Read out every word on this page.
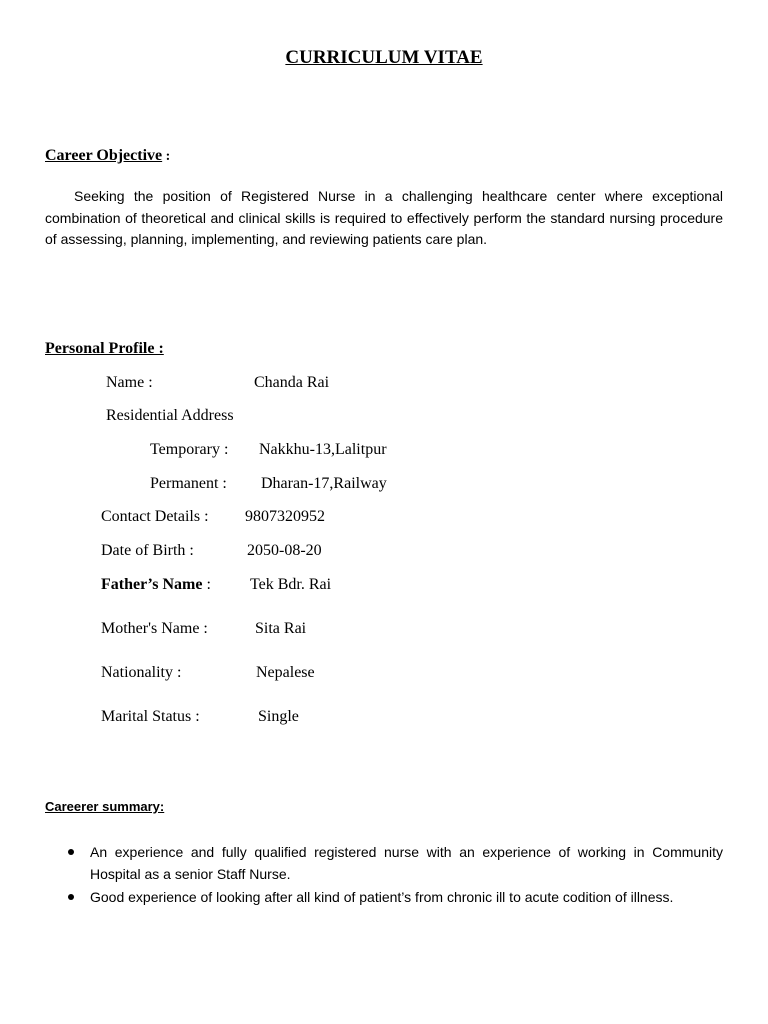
CURRICULUM VITAE
Career Objective :

Seeking the position of Registered Nurse in a challenging healthcare center where exceptional combination of theoretical and clinical skills is required to effectively perform the standard nursing procedure of assessing, planning, implementing, and reviewing patients care plan.

Personal Profile :
Name :	Chanda Rai
Residential Address
Temporary : Nakkhu-13,Lalitpur
Permanent : Dharan-17,Railway
Contact Details : 9807320952
Date of Birth :	2050-08-20
Father’s Name : Tek Bdr. Rai
Mother's Name :	Sita Rai
Nationality :	Nepalese
Marital Status :	Single
Careerer summary:
An experience and fully qualified registered nurse with an experience of working in Community Hospital as a senior Staff Nurse.
Good experience of looking after all kind of patient’s from chronic ill to acute codition of illness.
